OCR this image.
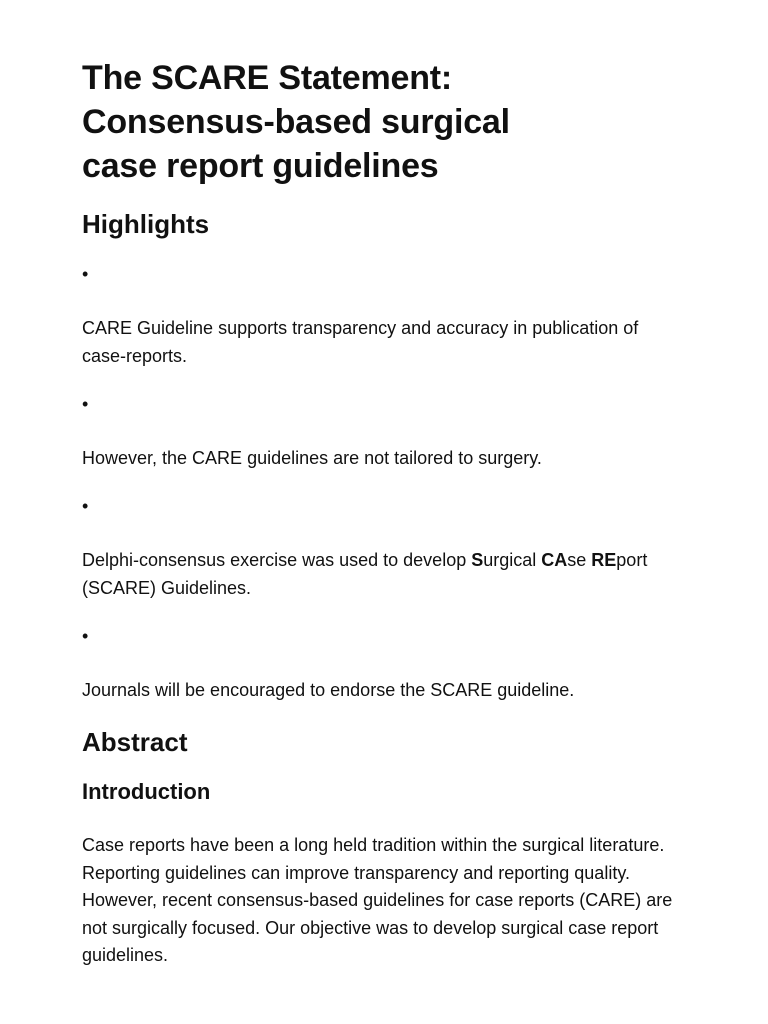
The SCARE Statement:
Consensus-based surgical
case report guidelines
Highlights
•

CARE Guideline supports transparency and accuracy in publication of case-reports.

•

However, the CARE guidelines are not tailored to surgery.

•

Delphi-consensus exercise was used to develop Surgical CAse REport (SCARE) Guidelines.

•

Journals will be encouraged to endorse the SCARE guideline.

Abstract
Introduction

Case reports have been a long held tradition within the surgical literature. Reporting guidelines can improve transparency and reporting quality. However, recent consensus-based guidelines for case reports (CARE) are not surgically focused. Our objective was to develop surgical case report guidelines.
